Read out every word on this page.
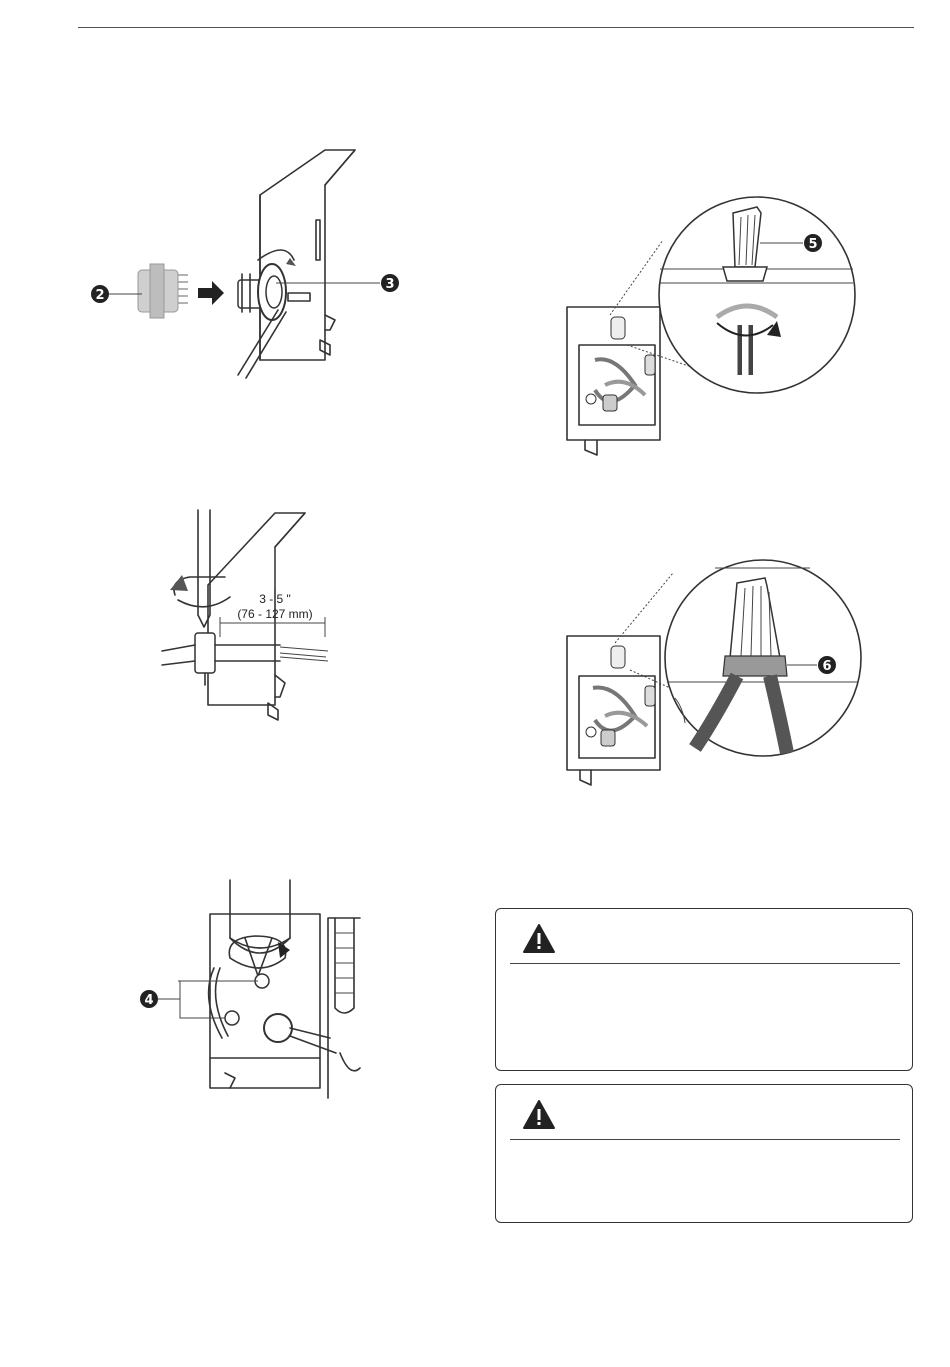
2
3
3 - 5 "
(76 - 127 mm)
4
5
6
